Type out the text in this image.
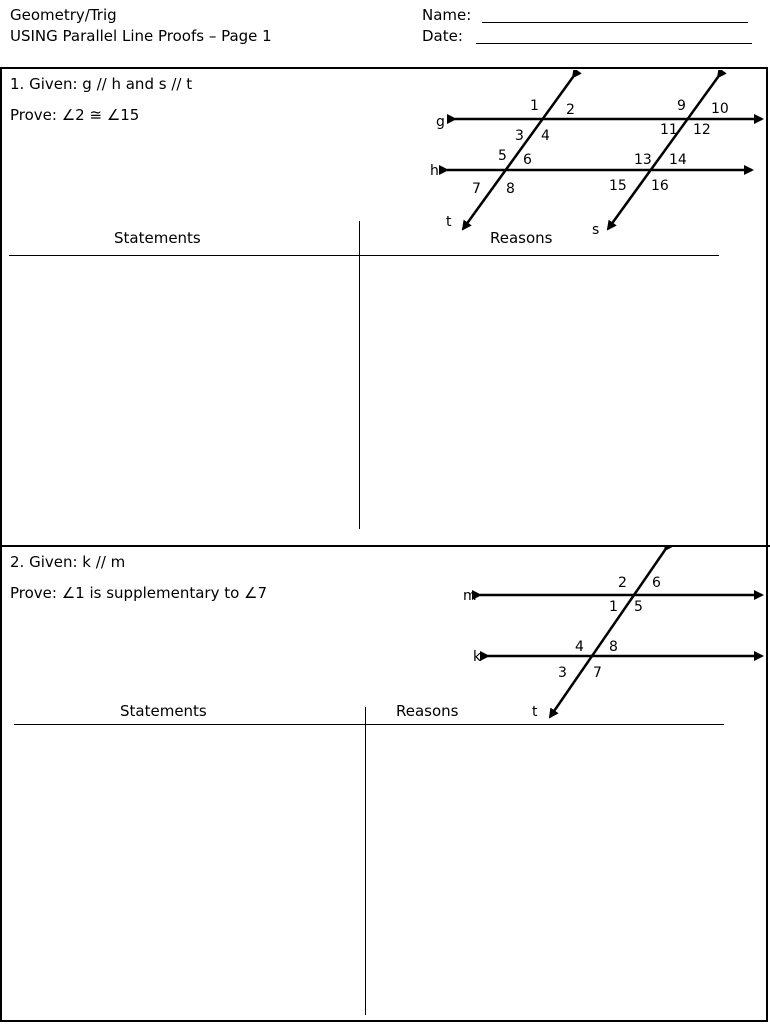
Geometry/Trig
USING Parallel Line Proofs – Page 1
Name:
Date:
1. Given: g // h and s // t
Prove: ∠2 ≅ ∠15	g
h
t	s
1 2
3 4
5 6
7 8
9 10
11 12
13 14
15 16
Statements	Reasons
2. Given: k // m
Prove: ∠1 is supplementary to ∠7	m
k
t
1
2
3
4
5
6
7
8
Statements	Reasons
